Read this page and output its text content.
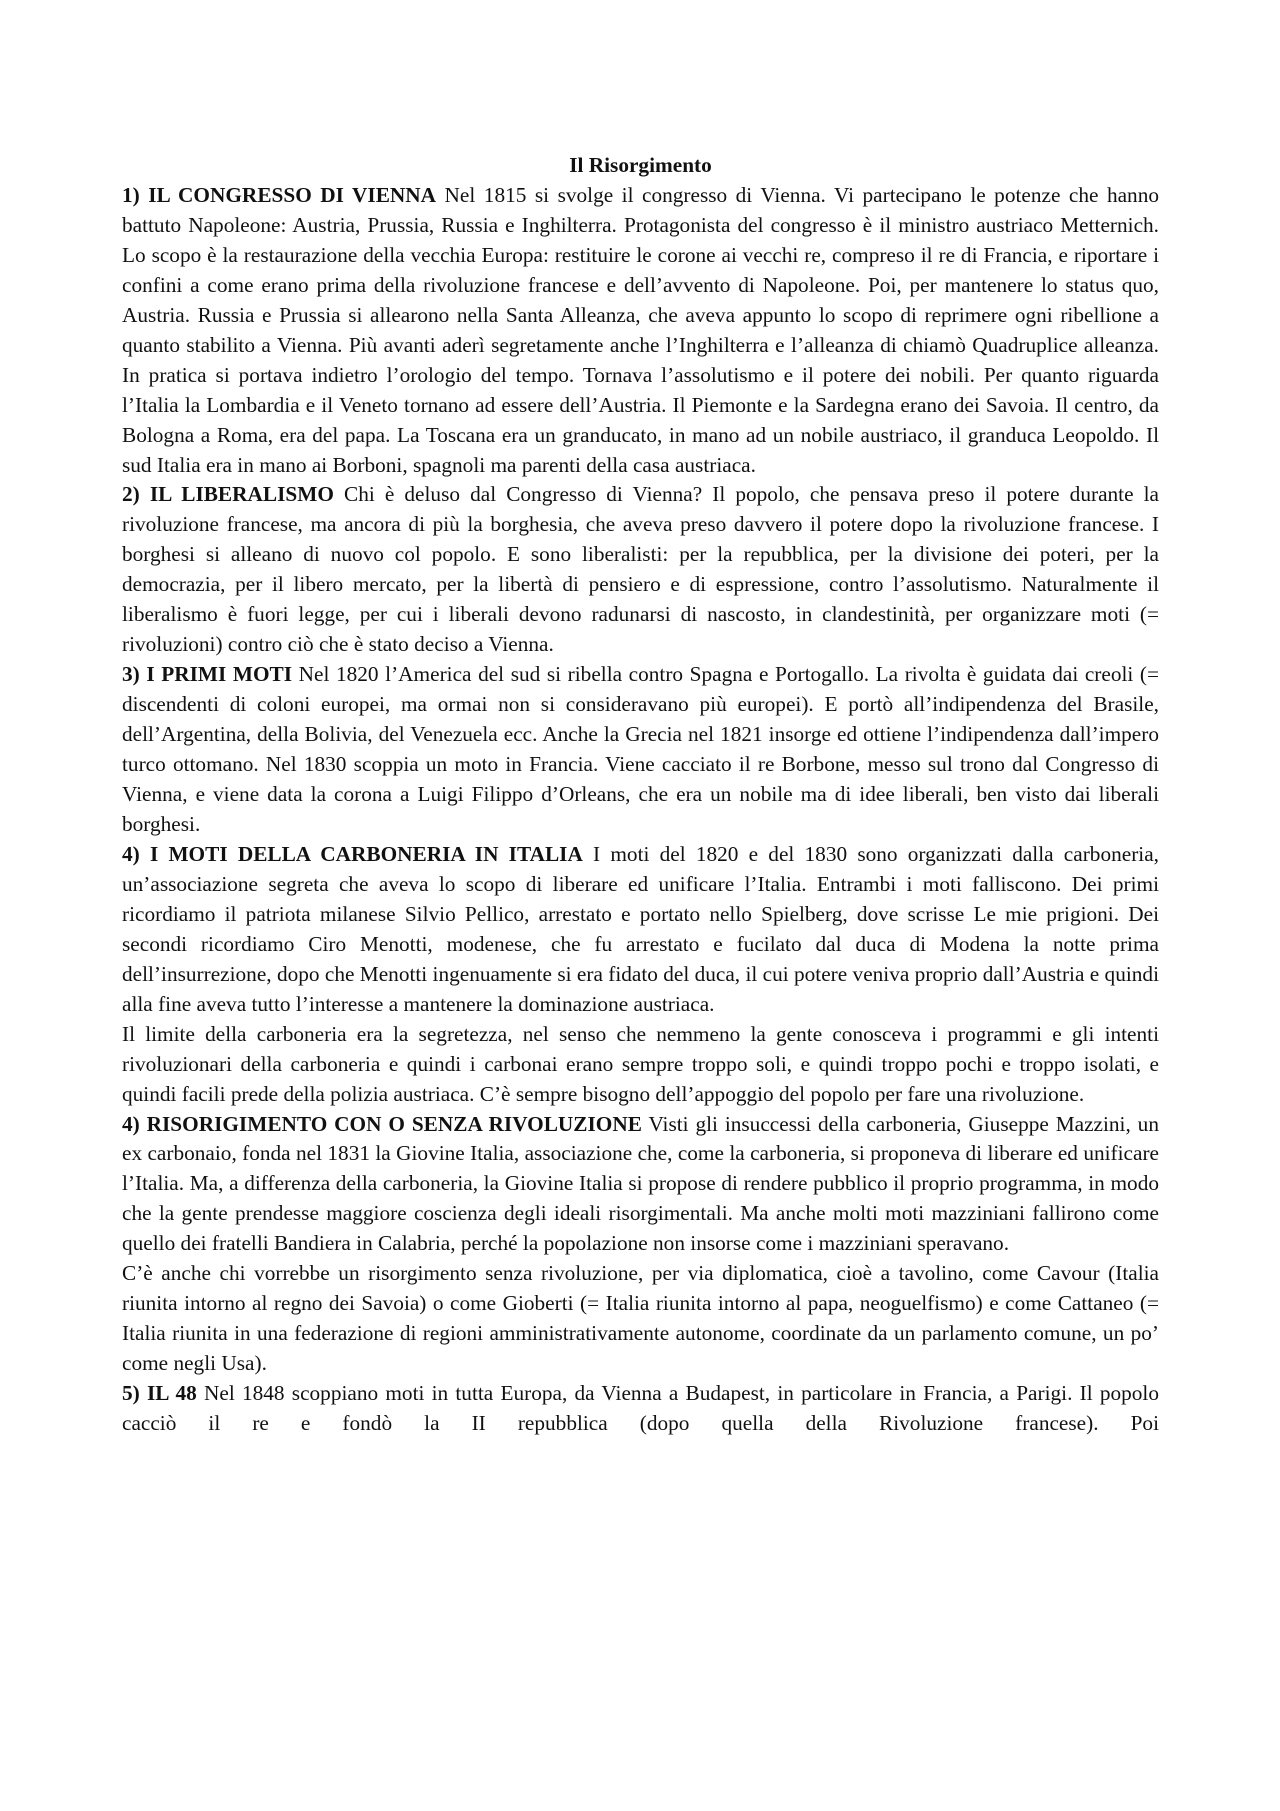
Il Risorgimento

1) IL CONGRESSO DI VIENNA Nel 1815 si svolge il congresso di Vienna. Vi partecipano le potenze che hanno battuto Napoleone: Austria, Prussia, Russia e Inghilterra. Protagonista del congresso è il ministro austriaco Metternich. Lo scopo è la restaurazione della vecchia Europa: restituire le corone ai vecchi re, compreso il re di Francia, e riportare i confini a come erano prima della rivoluzione francese e dell’avvento di Napoleone. Poi, per mantenere lo status quo, Austria. Russia e Prussia si allearono nella Santa Alleanza, che aveva appunto lo scopo di reprimere ogni ribellione a quanto stabilito a Vienna. Più avanti aderì segretamente anche l’Inghilterra e l’alleanza di chiamò Quadruplice alleanza. In pratica si portava indietro l’orologio del tempo. Tornava l’assolutismo e il potere dei nobili. Per quanto riguarda l’Italia la Lombardia e il Veneto tornano ad essere dell’Austria. Il Piemonte e la Sardegna erano dei Savoia. Il centro, da Bologna a Roma, era del papa. La Toscana era un granducato, in mano ad un nobile austriaco, il granduca Leopoldo. Il sud Italia era in mano ai Borboni, spagnoli ma parenti della casa austriaca.

2) IL LIBERALISMO Chi è deluso dal Congresso di Vienna? Il popolo, che pensava preso il potere durante la rivoluzione francese, ma ancora di più la borghesia, che aveva preso davvero il potere dopo la rivoluzione francese. I borghesi si alleano di nuovo col popolo. E sono liberalisti: per la repubblica, per la divisione dei poteri, per la democrazia, per il libero mercato, per la libertà di pensiero e di espressione, contro l’assolutismo. Naturalmente il liberalismo è fuori legge, per cui i liberali devono radunarsi di nascosto, in clandestinità, per organizzare moti (= rivoluzioni) contro ciò che è stato deciso a Vienna.

3) I PRIMI MOTI Nel 1820 l’America del sud si ribella contro Spagna e Portogallo. La rivolta è guidata dai creoli (= discendenti di coloni europei, ma ormai non si consideravano più europei). E portò all’indipendenza del Brasile, dell’Argentina, della Bolivia, del Venezuela ecc. Anche la Grecia nel 1821 insorge ed ottiene l’indipendenza dall’impero turco ottomano. Nel 1830 scoppia un moto in Francia. Viene cacciato il re Borbone, messo sul trono dal Congresso di Vienna, e viene data la corona a Luigi Filippo d’Orleans, che era un nobile ma di idee liberali, ben visto dai liberali borghesi.

4) I MOTI DELLA CARBONERIA IN ITALIA I moti del 1820 e del 1830 sono organizzati dalla carboneria, un’associazione segreta che aveva lo scopo di liberare ed unificare l’Italia. Entrambi i moti falliscono. Dei primi ricordiamo il patriota milanese Silvio Pellico, arrestato e portato nello Spielberg, dove scrisse Le mie prigioni. Dei secondi ricordiamo Ciro Menotti, modenese, che fu arrestato e fucilato dal duca di Modena la notte prima dell’insurrezione, dopo che Menotti ingenuamente si era fidato del duca, il cui potere veniva proprio dall’Austria e quindi alla fine aveva tutto l’interesse a mantenere la dominazione austriaca.

Il limite della carboneria era la segretezza, nel senso che nemmeno la gente conosceva i programmi e gli intenti rivoluzionari della carboneria e quindi i carbonai erano sempre troppo soli, e quindi troppo pochi e troppo isolati, e quindi facili prede della polizia austriaca. C’è sempre bisogno dell’appoggio del popolo per fare una rivoluzione.

4) RISORIGIMENTO CON O SENZA RIVOLUZIONE Visti gli insuccessi della carboneria, Giuseppe Mazzini, un ex carbonaio, fonda nel 1831 la Giovine Italia, associazione che, come la carboneria, si proponeva di liberare ed unificare l’Italia. Ma, a differenza della carboneria, la Giovine Italia si propose di rendere pubblico il proprio programma, in modo che la gente prendesse maggiore coscienza degli ideali risorgimentali. Ma anche molti moti mazziniani fallirono come quello dei fratelli Bandiera in Calabria, perché la popolazione non insorse come i mazziniani speravano.

C’è anche chi vorrebbe un risorgimento senza rivoluzione, per via diplomatica, cioè a tavolino, come Cavour (Italia riunita intorno al regno dei Savoia) o come Gioberti (= Italia riunita intorno al papa, neoguelfismo) e come Cattaneo (= Italia riunita in una federazione di regioni amministrativamente autonome, coordinate da un parlamento comune, un po’ come negli Usa).

5) IL 48 Nel 1848 scoppiano moti in tutta Europa, da Vienna a Budapest, in particolare in Francia, a Parigi. Il popolo cacciò il re e fondò la II repubblica (dopo quella della Rivoluzione francese). Poi
